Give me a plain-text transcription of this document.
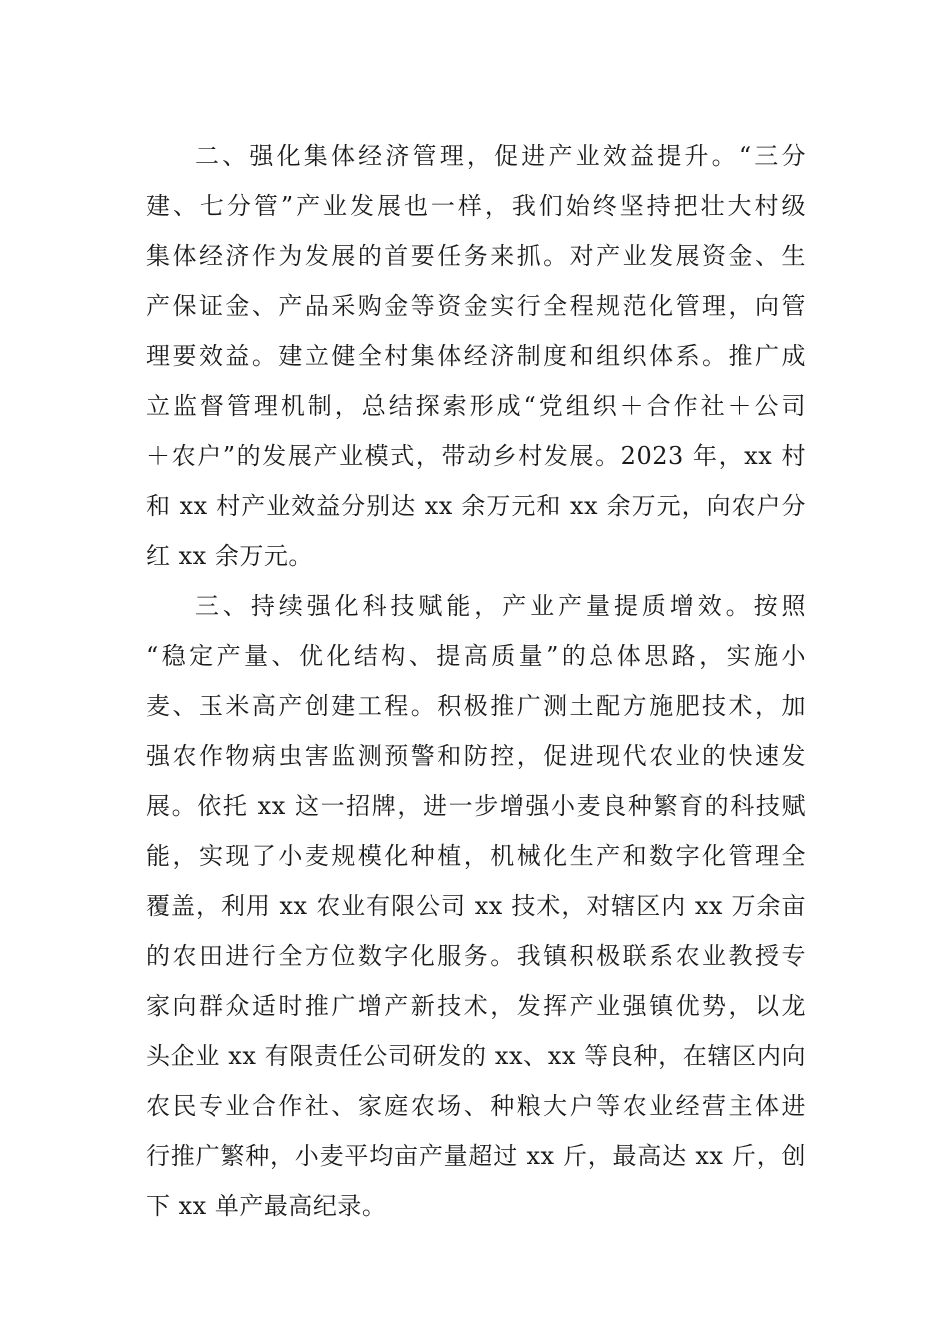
二、强化集体经济管理，促进产业效益提升。“三分
建、七分管”产业发展也一样，我们始终坚持把壮大村级
集体经济作为发展的首要任务来抓。对产业发展资金、生
产保证金、产品采购金等资金实行全程规范化管理，向管
理要效益。建立健全村集体经济制度和组织体系。推广成
立监督管理机制，总结探索形成“党组织＋合作社＋公司
＋农户”的发展产业模式，带动乡村发展。2023 年，xx 村
和 xx 村产业效益分别达 xx 余万元和 xx 余万元，向农户分
红 xx 余万元。
三、持续强化科技赋能，产业产量提质增效。按照
“稳定产量、优化结构、提高质量”的总体思路，实施小
麦、玉米高产创建工程。积极推广测土配方施肥技术，加
强农作物病虫害监测预警和防控，促进现代农业的快速发
展。依托 xx 这一招牌，进一步增强小麦良种繁育的科技赋
能，实现了小麦规模化种植，机械化生产和数字化管理全
覆盖，利用 xx 农业有限公司 xx 技术，对辖区内 xx 万余亩
的农田进行全方位数字化服务。我镇积极联系农业教授专
家向群众适时推广增产新技术，发挥产业强镇优势，以龙
头企业 xx 有限责任公司研发的 xx、xx 等良种，在辖区内向
农民专业合作社、家庭农场、种粮大户等农业经营主体进
行推广繁种，小麦平均亩产量超过 xx 斤，最高达 xx 斤，创
下 xx 单产最高纪录。
